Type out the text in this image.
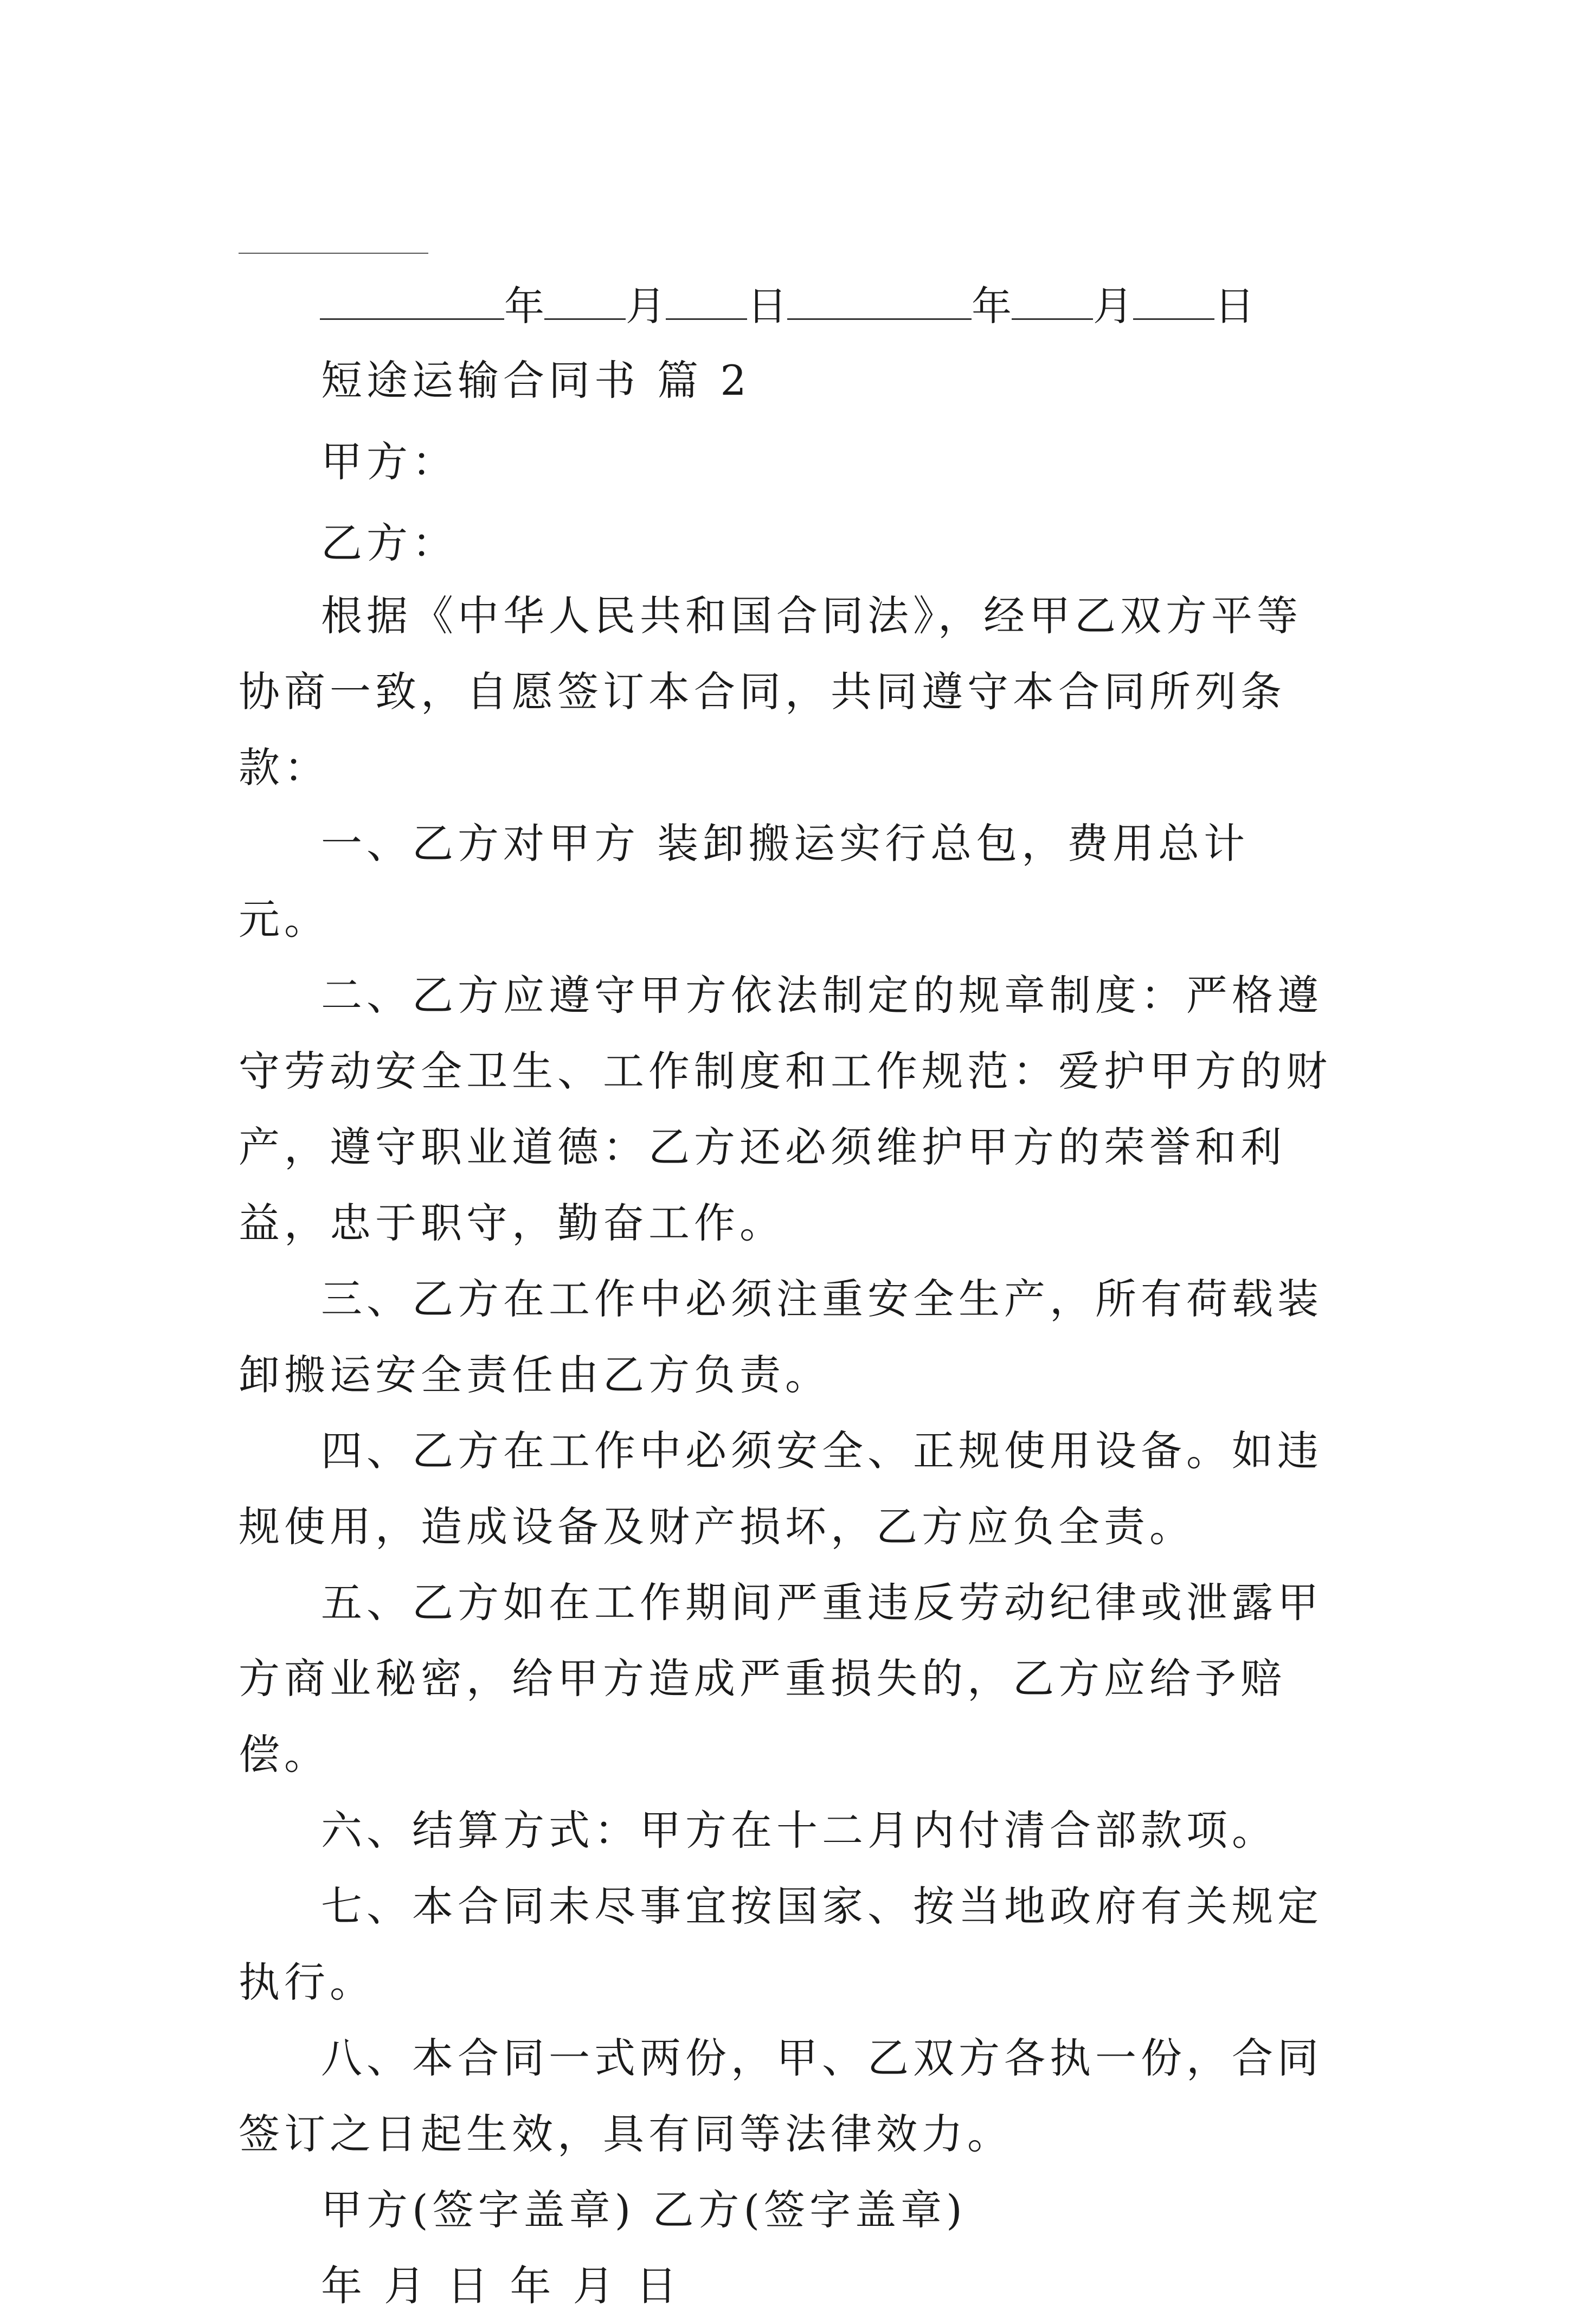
年 月 日	年 月 日
短途运输合同书 篇 2
甲方：
乙方：

根据《中华人民共和国合同法》，经甲乙双方平等协商一致，自愿签订本合同，共同遵守本合同所列条款：

一、乙方对甲方 装卸搬运实行总包，费用总计 元。

二、乙方应遵守甲方依法制定的规章制度：严格遵守劳动安全卫生、工作制度和工作规范：爱护甲方的财产，遵守职业道德：乙方还必须维护甲方的荣誉和利益，忠于职守，勤奋工作。

三、乙方在工作中必须注重安全生产，所有荷载装卸搬运安全责任由乙方负责。

四、乙方在工作中必须安全、正规使用设备。如违规使用，造成设备及财产损坏，乙方应负全责。

五、乙方如在工作期间严重违反劳动纪律或泄露甲方商业秘密，给甲方造成严重损失的，乙方应给予赔偿。

六、结算方式：甲方在十二月内付清合部款项。

七、本合同未尽事宜按国家、按当地政府有关规定执行。

八、本合同一式两份，甲、乙双方各执一份，合同签订之日起生效，具有同等法律效力。

甲方(签字盖章) 乙方(签字盖章)

年 月 日 年 月 日
